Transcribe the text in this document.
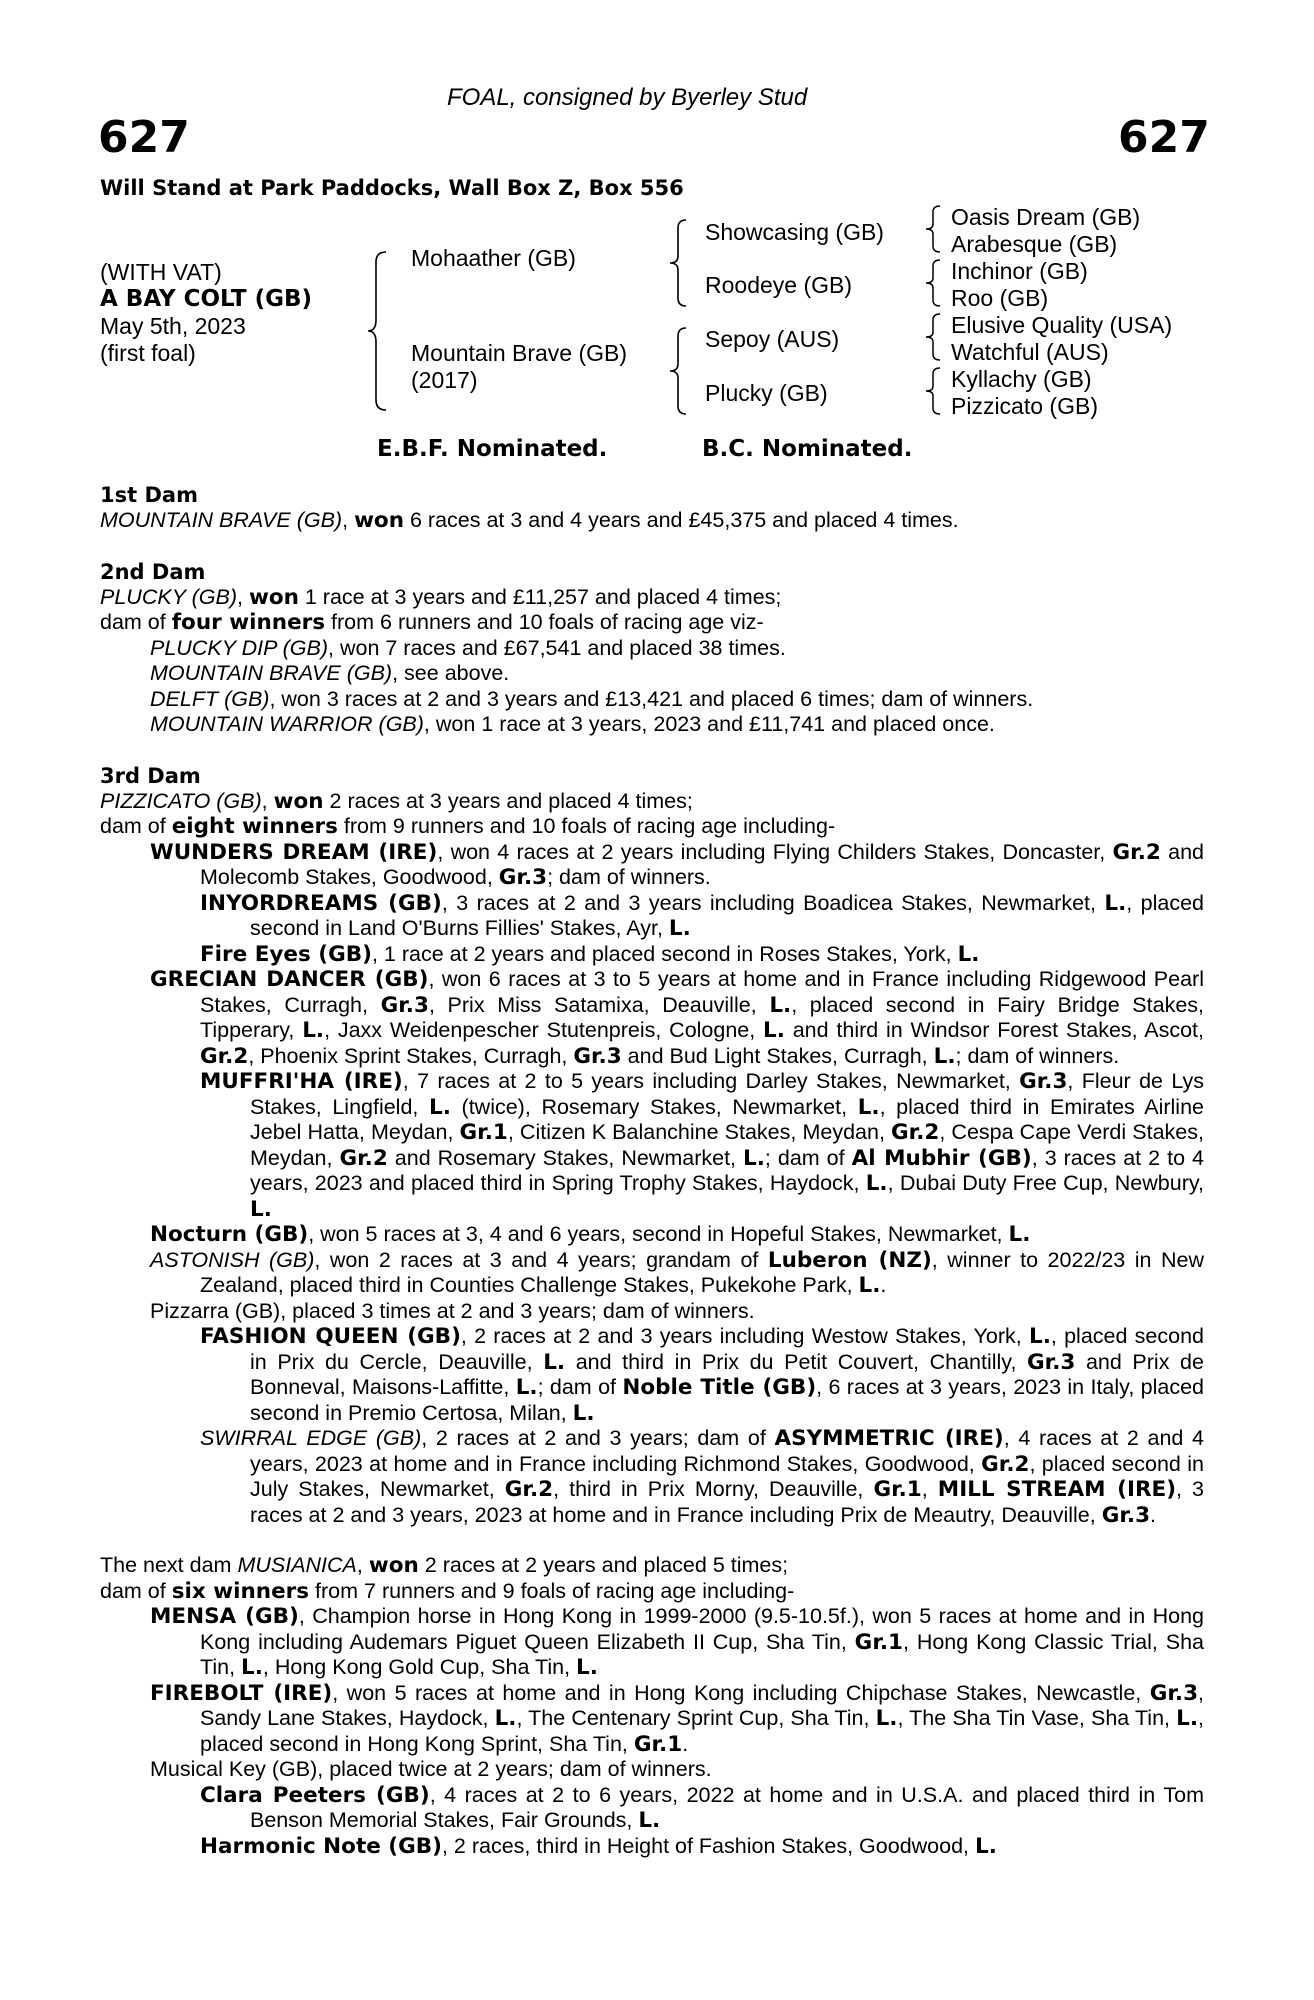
FOAL, consigned by Byerley Stud
627	627
Will Stand at Park Paddocks, Wall Box Z, Box 556
(WITH VAT)
A BAY COLT (GB)
May 5th, 2023
(first foal)
Mohaather (GB)
Mountain Brave (GB)
(2017)
Showcasing (GB)
Roodeye (GB)
Sepoy (AUS)
Plucky (GB)
Oasis Dream (GB)
Arabesque (GB)
Inchinor (GB)
Roo (GB)
Elusive Quality (USA)
Watchful (AUS)
Kyllachy (GB)
Pizzicato (GB)
E.B.F. Nominated.	B.C. Nominated.
1st Dam

MOUNTAIN BRAVE (GB), won 6 races at 3 and 4 years and £45,375 and placed 4 times.

2nd Dam

PLUCKY (GB), won 1 race at 3 years and £11,257 and placed 4 times;

dam of four winners from 6 runners and 10 foals of racing age viz-

PLUCKY DIP (GB), won 7 races and £67,541 and placed 38 times.

MOUNTAIN BRAVE (GB), see above.

DELFT (GB), won 3 races at 2 and 3 years and £13,421 and placed 6 times; dam of winners.

MOUNTAIN WARRIOR (GB), won 1 race at 3 years, 2023 and £11,741 and placed once.

3rd Dam

PIZZICATO (GB), won 2 races at 3 years and placed 4 times;

dam of eight winners from 9 runners and 10 foals of racing age including-

WUNDERS DREAM (IRE), won 4 races at 2 years including Flying Childers Stakes, Doncaster, Gr.2 and Molecomb Stakes, Goodwood, Gr.3; dam of winners.

INYORDREAMS (GB), 3 races at 2 and 3 years including Boadicea Stakes, Newmarket, L., placed second in Land O'Burns Fillies' Stakes, Ayr, L.

Fire Eyes (GB), 1 race at 2 years and placed second in Roses Stakes, York, L.

GRECIAN DANCER (GB), won 6 races at 3 to 5 years at home and in France including Ridgewood Pearl Stakes, Curragh, Gr.3, Prix Miss Satamixa, Deauville, L., placed second in Fairy Bridge Stakes, Tipperary, L., Jaxx Weidenpescher Stutenpreis, Cologne, L. and third in Windsor Forest Stakes, Ascot, Gr.2, Phoenix Sprint Stakes, Curragh, Gr.3 and Bud Light Stakes, Curragh, L.; dam of winners.

MUFFRI'HA (IRE), 7 races at 2 to 5 years including Darley Stakes, Newmarket, Gr.3, Fleur de Lys Stakes, Lingfield, L. (twice), Rosemary Stakes, Newmarket, L., placed third in Emirates Airline Jebel Hatta, Meydan, Gr.1, Citizen K Balanchine Stakes, Meydan, Gr.2, Cespa Cape Verdi Stakes, Meydan, Gr.2 and Rosemary Stakes, Newmarket, L.; dam of Al Mubhir (GB), 3 races at 2 to 4 years, 2023 and placed third in Spring Trophy Stakes, Haydock, L., Dubai Duty Free Cup, Newbury, L.

Nocturn (GB), won 5 races at 3, 4 and 6 years, second in Hopeful Stakes, Newmarket, L.

ASTONISH (GB), won 2 races at 3 and 4 years; grandam of Luberon (NZ), winner to 2022/23 in New Zealand, placed third in Counties Challenge Stakes, Pukekohe Park, L..

Pizzarra (GB), placed 3 times at 2 and 3 years; dam of winners.

FASHION QUEEN (GB), 2 races at 2 and 3 years including Westow Stakes, York, L., placed second in Prix du Cercle, Deauville, L. and third in Prix du Petit Couvert, Chantilly, Gr.3 and Prix de Bonneval, Maisons-Laffitte, L.; dam of Noble Title (GB), 6 races at 3 years, 2023 in Italy, placed second in Premio Certosa, Milan, L.

SWIRRAL EDGE (GB), 2 races at 2 and 3 years; dam of ASYMMETRIC (IRE), 4 races at 2 and 4 years, 2023 at home and in France including Richmond Stakes, Goodwood, Gr.2, placed second in July Stakes, Newmarket, Gr.2, third in Prix Morny, Deauville, Gr.1, MILL STREAM (IRE), 3 races at 2 and 3 years, 2023 at home and in France including Prix de Meautry, Deauville, Gr.3.

The next dam MUSIANICA, won 2 races at 2 years and placed 5 times;

dam of six winners from 7 runners and 9 foals of racing age including-

MENSA (GB), Champion horse in Hong Kong in 1999-2000 (9.5-10.5f.), won 5 races at home and in Hong Kong including Audemars Piguet Queen Elizabeth II Cup, Sha Tin, Gr.1, Hong Kong Classic Trial, Sha Tin, L., Hong Kong Gold Cup, Sha Tin, L.

FIREBOLT (IRE), won 5 races at home and in Hong Kong including Chipchase Stakes, Newcastle, Gr.3, Sandy Lane Stakes, Haydock, L., The Centenary Sprint Cup, Sha Tin, L., The Sha Tin Vase, Sha Tin, L., placed second in Hong Kong Sprint, Sha Tin, Gr.1.

Musical Key (GB), placed twice at 2 years; dam of winners.

Clara Peeters (GB), 4 races at 2 to 6 years, 2022 at home and in U.S.A. and placed third in Tom Benson Memorial Stakes, Fair Grounds, L.

Harmonic Note (GB), 2 races, third in Height of Fashion Stakes, Goodwood, L.
